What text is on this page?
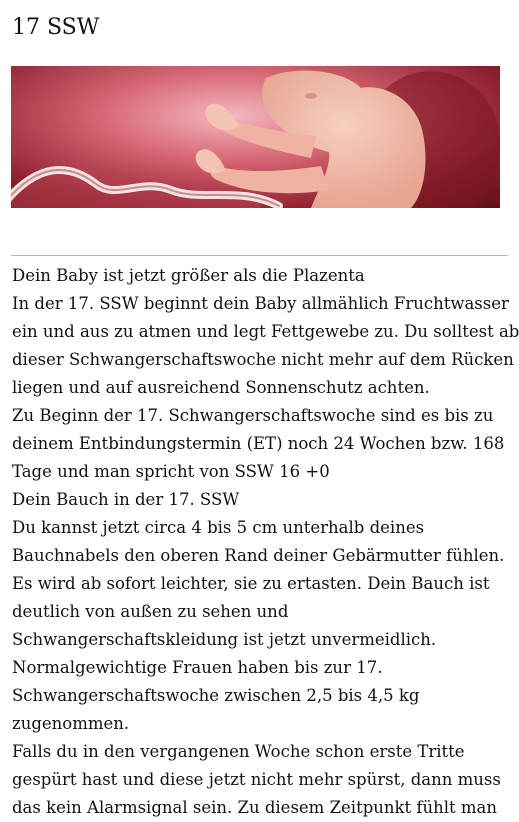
17 SSW

Dein Baby ist jetzt größer als die Plazenta

In der 17. SSW beginnt dein Baby allmählich Fruchtwasser

ein und aus zu atmen und legt Fettgewebe zu. Du solltest ab

dieser Schwangerschaftswoche nicht mehr auf dem Rücken

liegen und auf ausreichend Sonnenschutz achten.

Zu Beginn der 17. Schwangerschaftswoche sind es bis zu

deinem Entbindungstermin (ET) noch 24 Wochen bzw. 168

Tage und man spricht von SSW 16 +0

Dein Bauch in der 17. SSW

Du kannst jetzt circa 4 bis 5 cm unterhalb deines

Bauchnabels den oberen Rand deiner Gebärmutter fühlen.

Es wird ab sofort leichter, sie zu ertasten. Dein Bauch ist

deutlich von außen zu sehen und

Schwangerschaftskleidung ist jetzt unvermeidlich.

Normalgewichtige Frauen haben bis zur 17.

Schwangerschaftswoche zwischen 2,5 bis 4,5 kg

zugenommen.

Falls du in den vergangenen Woche schon erste Tritte

gespürt hast und diese jetzt nicht mehr spürst, dann muss

das kein Alarmsignal sein. Zu diesem Zeitpunkt fühlt man
